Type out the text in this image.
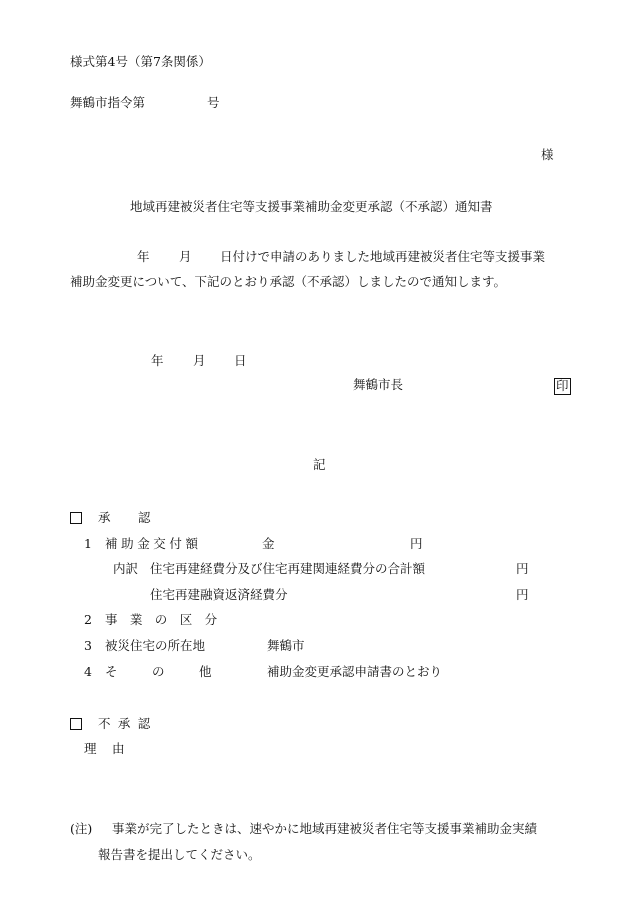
様式第4号（第7条関係）
舞鶴市指令第	号
様
地域再建被災者住宅等支援事業補助金変更承認（不承認）通知書
年 月 日付けで申請のありました地域再建被災者住宅等支援事業
補助金変更について、下記のとおり承認（不承認）しましたので通知します。
年 月 日
舞鶴市長	印
記
承 認
1 補助金交付額	金	円
内訳 住宅再建経費分及び住宅再建関連経費分の合計額	円
住宅再建融資返済経費分	円
2 事業の区分
3 被災住宅の所在地	舞鶴市
4 そ	の	他	補助金変更承認申請書のとおり
不承認
理 由
(注) 事業が完了したときは、速やかに地域再建被災者住宅等支援事業補助金実績
報告書を提出してください。
